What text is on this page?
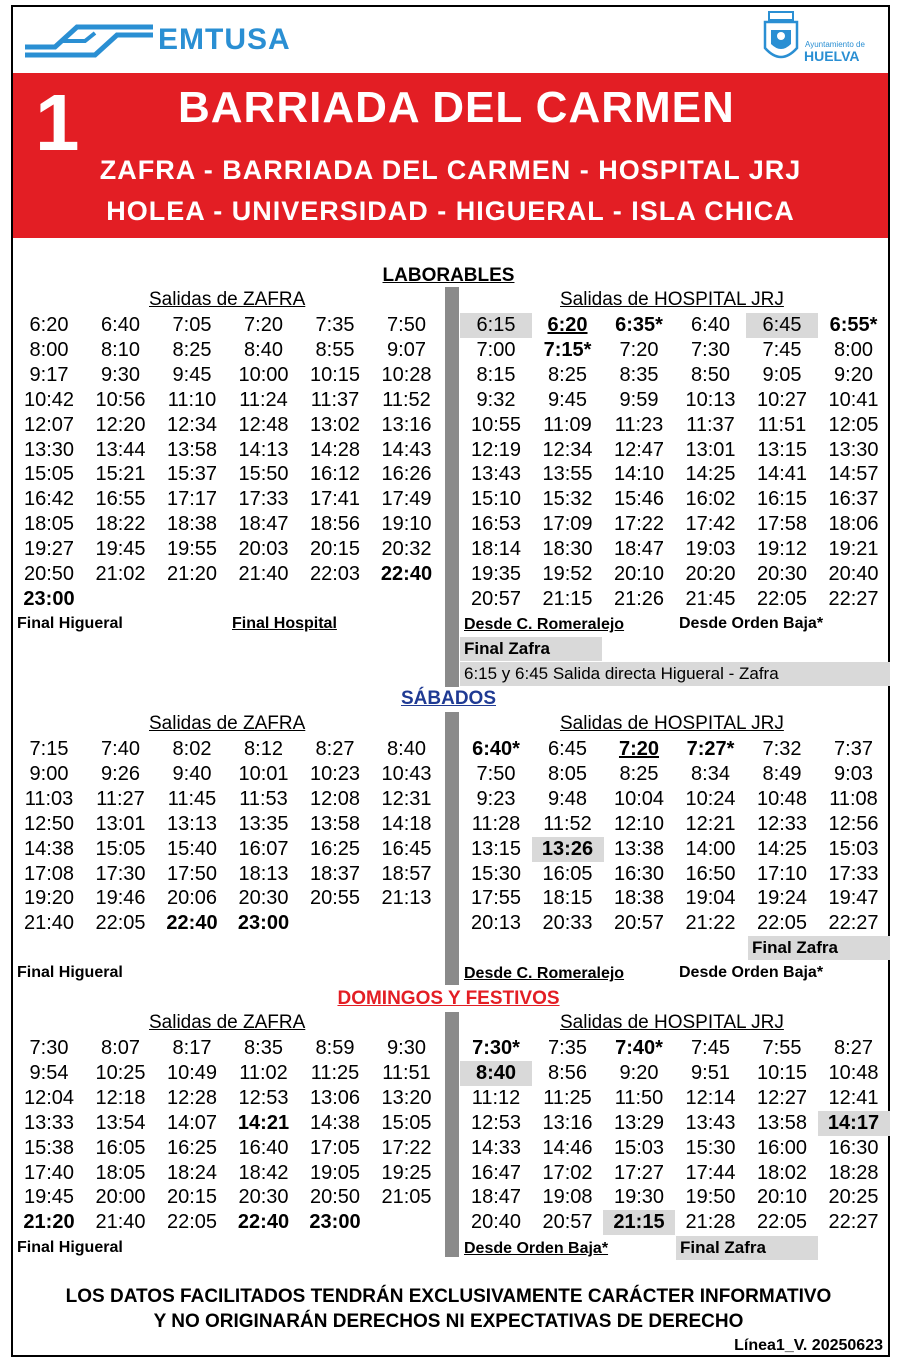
EMTUSA	Ayuntamiento de
HUELVA
1 BARRIADA DEL CARMEN
ZAFRA - BARRIADA DEL CARMEN - HOSPITAL JRJ
HOLEA - UNIVERSIDAD - HIGUERAL - ISLA CHICA
LABORABLES
Salidas de ZAFRA	Salidas de HOSPITAL JRJ
Final Higueral	Final Hospital	Desde C. Romeralejo	Desde Orden Baja*
Final Zafra
6:15 y 6:45 Salida directa Higueral - Zafra
SÁBADOS
Salidas de ZAFRA	Salidas de HOSPITAL JRJ
Final Zafra
Final Higueral	Desde C. Romeralejo	Desde Orden Baja*
DOMINGOS Y FESTIVOS
Salidas de ZAFRA	Salidas de HOSPITAL JRJ
Final Higueral	Desde Orden Baja*	Final Zafra
LOS DATOS FACILITADOS TENDRÁN EXCLUSIVAMENTE CARÁCTER INFORMATIVO
Y NO ORIGINARÁN DERECHOS NI EXPECTATIVAS DE DERECHO
Línea1_V. 20250623
6:20	6:40	7:05	7:20	7:35	7:50
8:00	8:10	8:25	8:40	8:55	9:07
9:17	9:30	9:45	10:00	10:15	10:28
10:42	10:56	11:10	11:24	11:37	11:52
12:07	12:20	12:34	12:48	13:02	13:16
13:30	13:44	13:58	14:13	14:28	14:43
15:05	15:21	15:37	15:50	16:12	16:26
16:42	16:55	17:17	17:33	17:41	17:49
18:05	18:22	18:38	18:47	18:56	19:10
19:27	19:45	19:55	20:03	20:15	20:32
20:50	21:02	21:20	21:40	22:03	22:40
23:00
6:15	6:20	6:35*	6:40	6:45	6:55*
7:00	7:15*	7:20	7:30	7:45	8:00
8:15	8:25	8:35	8:50	9:05	9:20
9:32	9:45	9:59	10:13	10:27	10:41
10:55	11:09	11:23	11:37	11:51	12:05
12:19	12:34	12:47	13:01	13:15	13:30
13:43	13:55	14:10	14:25	14:41	14:57
15:10	15:32	15:46	16:02	16:15	16:37
16:53	17:09	17:22	17:42	17:58	18:06
18:14	18:30	18:47	19:03	19:12	19:21
19:35	19:52	20:10	20:20	20:30	20:40
20:57	21:15	21:26	21:45	22:05	22:27
7:15	7:40	8:02	8:12	8:27	8:40
9:00	9:26	9:40	10:01	10:23	10:43
11:03	11:27	11:45	11:53	12:08	12:31
12:50	13:01	13:13	13:35	13:58	14:18
14:38	15:05	15:40	16:07	16:25	16:45
17:08	17:30	17:50	18:13	18:37	18:57
19:20	19:46	20:06	20:30	20:55	21:13
21:40	22:05	22:40	23:00
6:40*	6:45	7:20	7:27*	7:32	7:37
7:50	8:05	8:25	8:34	8:49	9:03
9:23	9:48	10:04	10:24	10:48	11:08
11:28	11:52	12:10	12:21	12:33	12:56
13:15	13:26	13:38	14:00	14:25	15:03
15:30	16:05	16:30	16:50	17:10	17:33
17:55	18:15	18:38	19:04	19:24	19:47
20:13	20:33	20:57	21:22	22:05	22:27
7:30	8:07	8:17	8:35	8:59	9:30
9:54	10:25	10:49	11:02	11:25	11:51
12:04	12:18	12:28	12:53	13:06	13:20
13:33	13:54	14:07	14:21	14:38	15:05
15:38	16:05	16:25	16:40	17:05	17:22
17:40	18:05	18:24	18:42	19:05	19:25
19:45	20:00	20:15	20:30	20:50	21:05
21:20	21:40	22:05	22:40	23:00
7:30*	7:35	7:40*	7:45	7:55	8:27
8:40	8:56	9:20	9:51	10:15	10:48
11:12	11:25	11:50	12:14	12:27	12:41
12:53	13:16	13:29	13:43	13:58	14:17
14:33	14:46	15:03	15:30	16:00	16:30
16:47	17:02	17:27	17:44	18:02	18:28
18:47	19:08	19:30	19:50	20:10	20:25
20:40	20:57	21:15	21:28	22:05	22:27
